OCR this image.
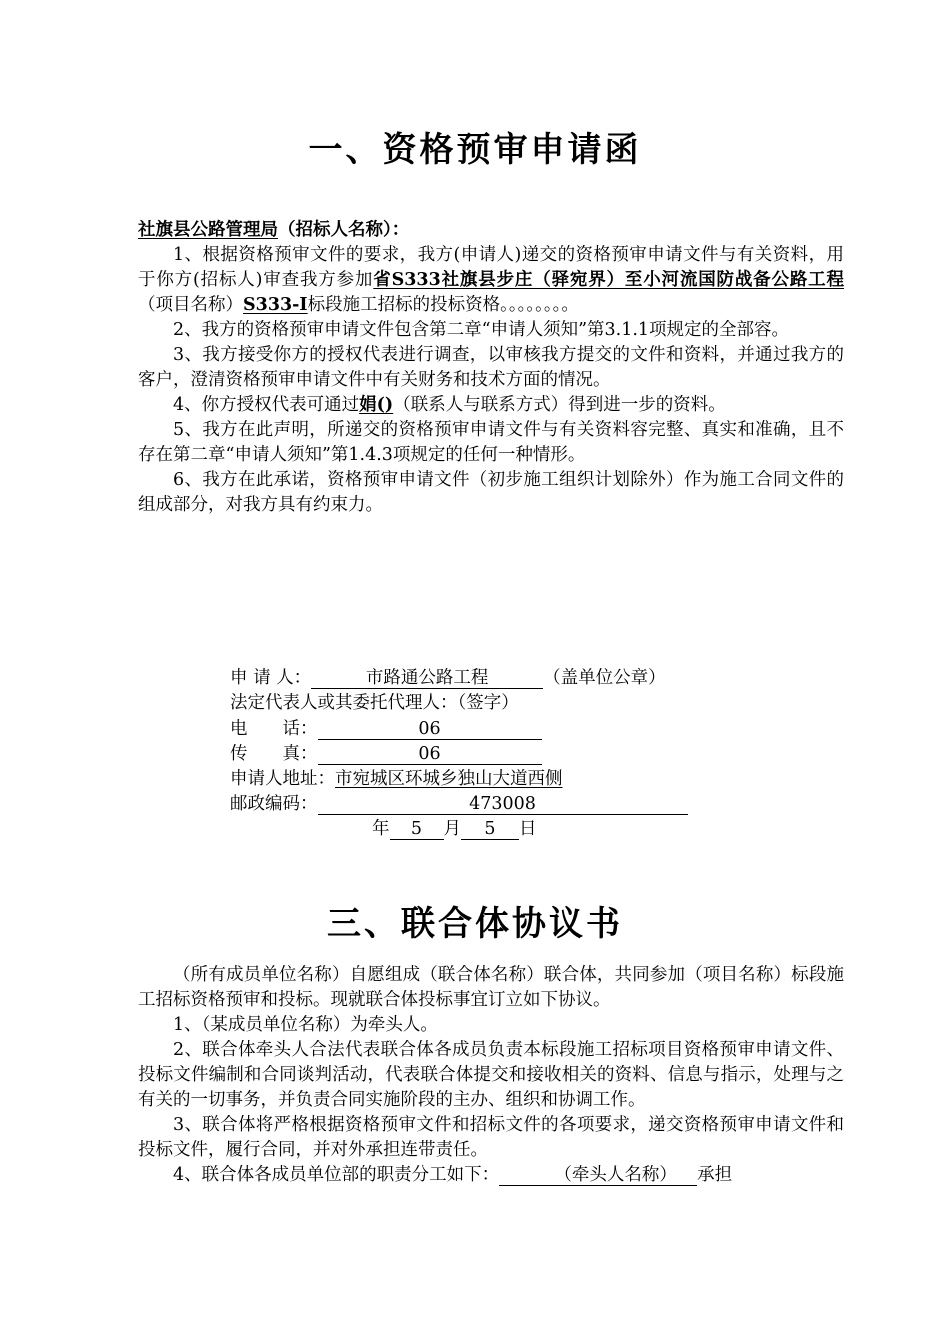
一、资格预审申请函

社旗县公路管理局（招标人名称）：

1、根据资格预审文件的要求，我方(申请人)递交的资格预审申请文件与有关资料，用于你方(招标人)审查我方参加省S333社旗县步庄（驿宛界）至小河流国防战备公路工程（项目名称）S333-I标段施工招标的投标资格。。。。。。。。

2、我方的资格预审申请文件包含第二章“申请人须知”第3.1.1项规定的全部容。

3、我方接受你方的授权代表进行调查，以审核我方提交的文件和资料，并通过我方的客户，澄清资格预审申请文件中有关财务和技术方面的情况。

4、你方授权代表可通过娟()（联系人与联系方式）得到进一步的资料。

5、我方在此声明，所递交的资格预审申请文件与有关资料容完整、真实和准确，且不存在第二章“申请人须知”第1.4.3项规定的任何一种情形。

6、我方在此承诺，资格预审申请文件（初步施工组织计划除外）作为施工合同文件的组成部分，对我方具有约束力。

申 请 人：	市路通公路工程	（盖单位公章）
法定代表人或其委托代理人：（签字）
电　　话：	06
传　　真：	06
申请人地址：市宛城区环城乡独山大道西侧
邮政编码：	473008
年 5 月 5 日
三、联合体协议书

（所有成员单位名称）自愿组成（联合体名称）联合体，共同参加（项目名称）标段施工招标资格预审和投标。现就联合体投标事宜订立如下协议。

1、（某成员单位名称）为牵头人。

2、联合体牵头人合法代表联合体各成员负责本标段施工招标项目资格预审申请文件、投标文件编制和合同谈判活动，代表联合体提交和接收相关的资料、信息与指示，处理与之有关的一切事务，并负责合同实施阶段的主办、组织和协调工作。

3、联合体将严格根据资格预审文件和招标文件的各项要求，递交资格预审申请文件和投标文件，履行合同，并对外承担连带责任。

4、联合体各成员单位部的职责分工如下：	（牵头人名称） 承担
